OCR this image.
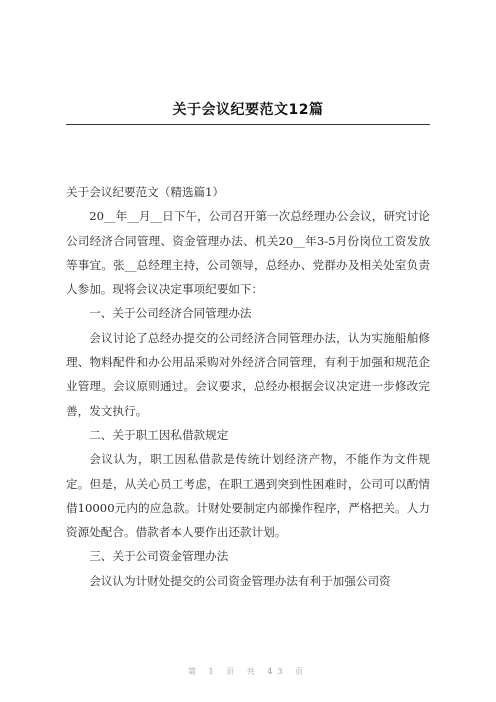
关于会议纪要范文12篇

关于会议纪要范文（精选篇1）

20__年__月__日下午，公司召开第一次总经理办公会议，研究讨论公司经济合同管理、资金管理办法、机关20__年3-5月份岗位工资发放等事宜。张__总经理主持，公司领导，总经办、党群办及相关处室负责人参加。现将会议决定事项纪要如下：

一、关于公司经济合同管理办法

会议讨论了总经办提交的公司经济合同管理办法，认为实施船舶修理、物料配件和办公用品采购对外经济合同管理，有利于加强和规范企业管理。会议原则通过。会议要求，总经办根据会议决定进一步修改完善，发文执行。

二、关于职工因私借款规定

会议认为，职工因私借款是传统计划经济产物，不能作为文件规定。但是，从关心员工考虑，在职工遇到突到性困难时，公司可以酌情借10000元内的应急款。计财处要制定内部操作程序，严格把关。人力资源处配合。借款者本人要作出还款计划。

三、关于公司资金管理办法

会议认为计财处提交的公司资金管理办法有利于加强公司资

第 1 页 共 43 页
